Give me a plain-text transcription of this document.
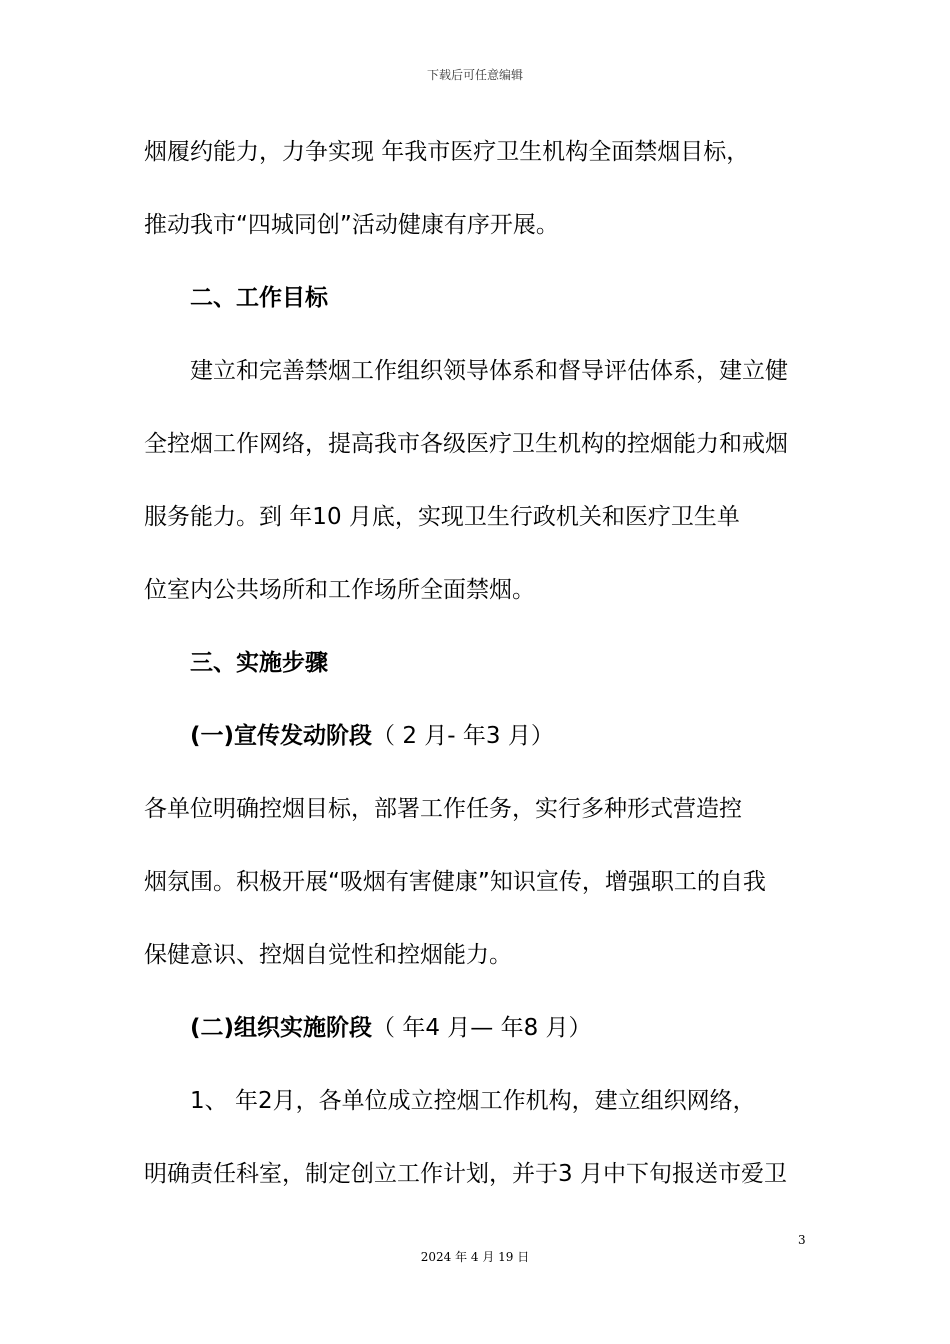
下载后可任意编辑
烟履约能力，力争实现 年我市医疗卫生机构全面禁烟目标，
推动我市“四城同创”活动健康有序开展。
二、工作目标
建立和完善禁烟工作组织领导体系和督导评估体系，建立健
全控烟工作网络，提高我市各级医疗卫生机构的控烟能力和戒烟
服务能力。到 年10 月底，实现卫生行政机关和医疗卫生单
位室内公共场所和工作场所全面禁烟。
三、实施步骤
(一)宣传发动阶段（ 2 月- 年3 月）
各单位明确控烟目标，部署工作任务，实行多种形式营造控
烟氛围。积极开展“吸烟有害健康”知识宣传，增强职工的自我
保健意识、控烟自觉性和控烟能力。
(二)组织实施阶段（ 年4 月— 年8 月）
1、 年2月，各单位成立控烟工作机构，建立组织网络，
明确责任科室，制定创立工作计划，并于3 月中下旬报送市爱卫
3
2024 年 4 月 19 日
